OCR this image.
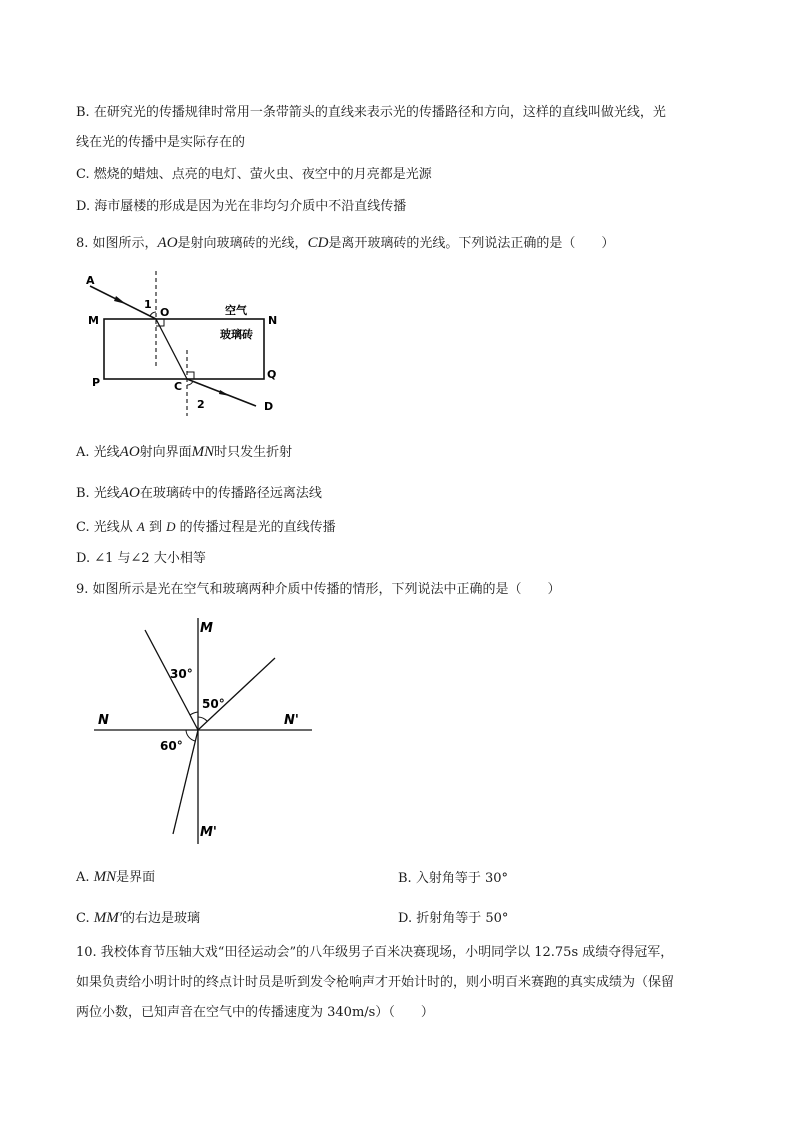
B. 在研究光的传播规律时常用一条带箭头的直线来表示光的传播路径和方向，这样的直线叫做光线，光
线在光的传播中是实际存在的
C. 燃烧的蜡烛、点亮的电灯、萤火虫、夜空中的月亮都是光源
D. 海市蜃楼的形成是因为光在非均匀介质中不沿直线传播
8. 如图所示，AO是射向玻璃砖的光线，CD是离开玻璃砖的光线。下列说法正确的是（　　）
A
1
O
M	N
空气
玻璃砖
P
Q
C
2	D
A. 光线AO射向界面MN时只发生折射
B. 光线AO在玻璃砖中的传播路径远离法线
C. 光线从 A 到 D 的传播过程是光的直线传播
D. ∠1 与∠2 大小相等
9. 如图所示是光在空气和玻璃两种介质中传播的情形，下列说法中正确的是（　　）
M
30°
50°
N	N'
60°
M'
A. MN是界面	B. 入射角等于 30°
C. MM′的右边是玻璃	D. 折射角等于 50°
10. 我校体育节压轴大戏“田径运动会”的八年级男子百米决赛现场，小明同学以 12.75s 成绩夺得冠军，
如果负责给小明计时的终点计时员是听到发令枪响声才开始计时的，则小明百米赛跑的真实成绩为（保留
两位小数，已知声音在空气中的传播速度为 340m/s）（　　）
